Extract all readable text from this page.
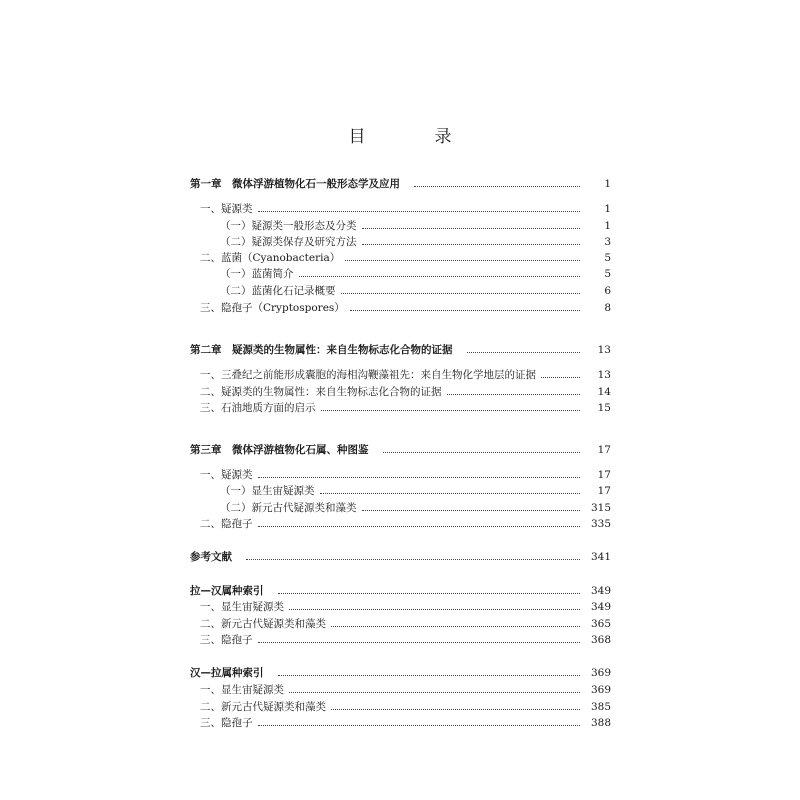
目　录
第一章　微体浮游植物化石一般形态学及应用	1
一、疑源类	1
（一）疑源类一般形态及分类	1
（二）疑源类保存及研究方法	3
二、蓝菌（Cyanobacteria）	5
（一）蓝菌简介	5
（二）蓝菌化石记录概要	6
三、隐孢子（Cryptospores）	8
第二章　疑源类的生物属性：来自生物标志化合物的证据	13
一、三叠纪之前能形成囊胞的海相沟鞭藻祖先：来自生物化学地层的证据	13
二、疑源类的生物属性：来自生物标志化合物的证据	14
三、石油地质方面的启示	15
第三章　微体浮游植物化石属、种图鉴	17
一、疑源类	17
（一）显生宙疑源类	17
（二）新元古代疑源类和藻类	315
二、隐孢子	335
参考文献	341
拉—汉属种索引	349
一、显生宙疑源类	349
二、新元古代疑源类和藻类	365
三、隐孢子	368
汉—拉属种索引	369
一、显生宙疑源类	369
二、新元古代疑源类和藻类	385
三、隐孢子	388
